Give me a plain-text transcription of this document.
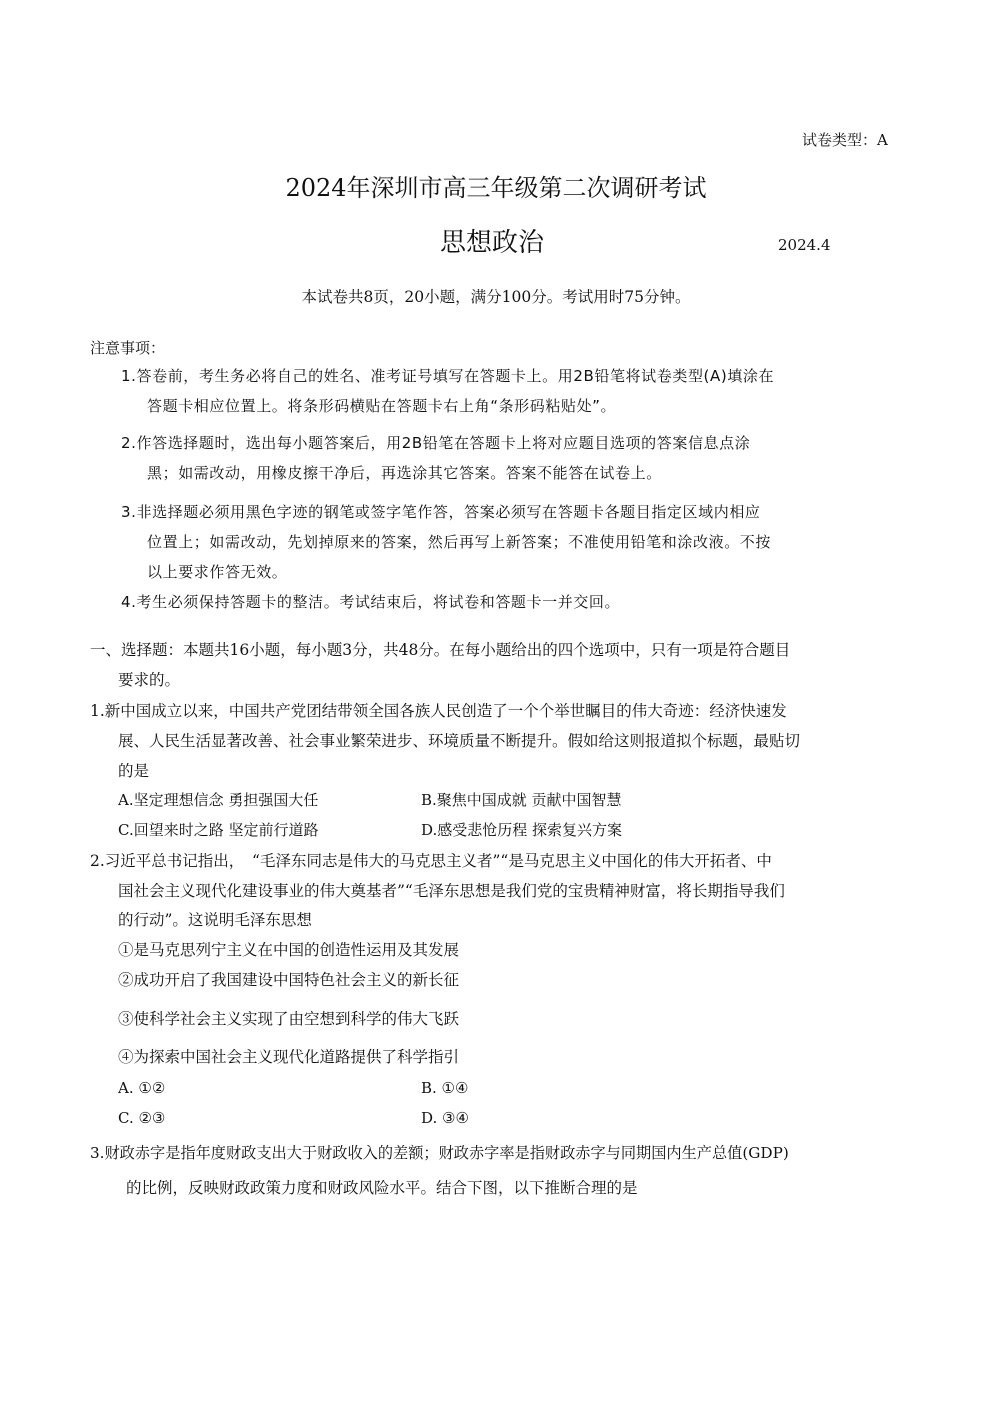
试卷类型：A
2024年深圳市高三年级第二次调研考试
思想政治	2024.4
本试卷共8页，20小题，满分100分。考试用时75分钟。
注意事项：
1.答卷前，考生务必将自己的姓名、准考证号填写在答题卡上。用2B铅笔将试卷类型(A)填涂在
答题卡相应位置上。将条形码横贴在答题卡右上角“条形码粘贴处”。
2.作答选择题时，选出每小题答案后，用2B铅笔在答题卡上将对应题目选项的答案信息点涂
黑；如需改动，用橡皮擦干净后，再选涂其它答案。答案不能答在试卷上。
3.非选择题必须用黑色字迹的钢笔或签字笔作答，答案必须写在答题卡各题目指定区域内相应
位置上；如需改动，先划掉原来的答案，然后再写上新答案；不准使用铅笔和涂改液。不按
以上要求作答无效。
4.考生必须保持答题卡的整洁。考试结束后，将试卷和答题卡一并交回。
一、选择题：本题共16小题，每小题3分，共48分。在每小题给出的四个选项中，只有一项是符合题目
要求的。
1.新中国成立以来，中国共产党团结带领全国各族人民创造了一个个举世瞩目的伟大奇迹：经济快速发
展、人民生活显著改善、社会事业繁荣进步、环境质量不断提升。假如给这则报道拟个标题，最贴切
的是
A.坚定理想信念 勇担强国大任	B.聚焦中国成就 贡献中国智慧
C.回望来时之路 坚定前行道路	D.感受悲怆历程 探索复兴方案
2.习近平总书记指出，　“毛泽东同志是伟大的马克思主义者”“是马克思主义中国化的伟大开拓者、中
国社会主义现代化建设事业的伟大奠基者”“毛泽东思想是我们党的宝贵精神财富，将长期指导我们
的行动”。这说明毛泽东思想
①是马克思列宁主义在中国的创造性运用及其发展
②成功开启了我国建设中国特色社会主义的新长征
③使科学社会主义实现了由空想到科学的伟大飞跃
④为探索中国社会主义现代化道路提供了科学指引
A. ①②	B. ①④
C. ②③	D. ③④
3.财政赤字是指年度财政支出大于财政收入的差额；财政赤字率是指财政赤字与同期国内生产总值(GDP)
的比例，反映财政政策力度和财政风险水平。结合下图，以下推断合理的是
